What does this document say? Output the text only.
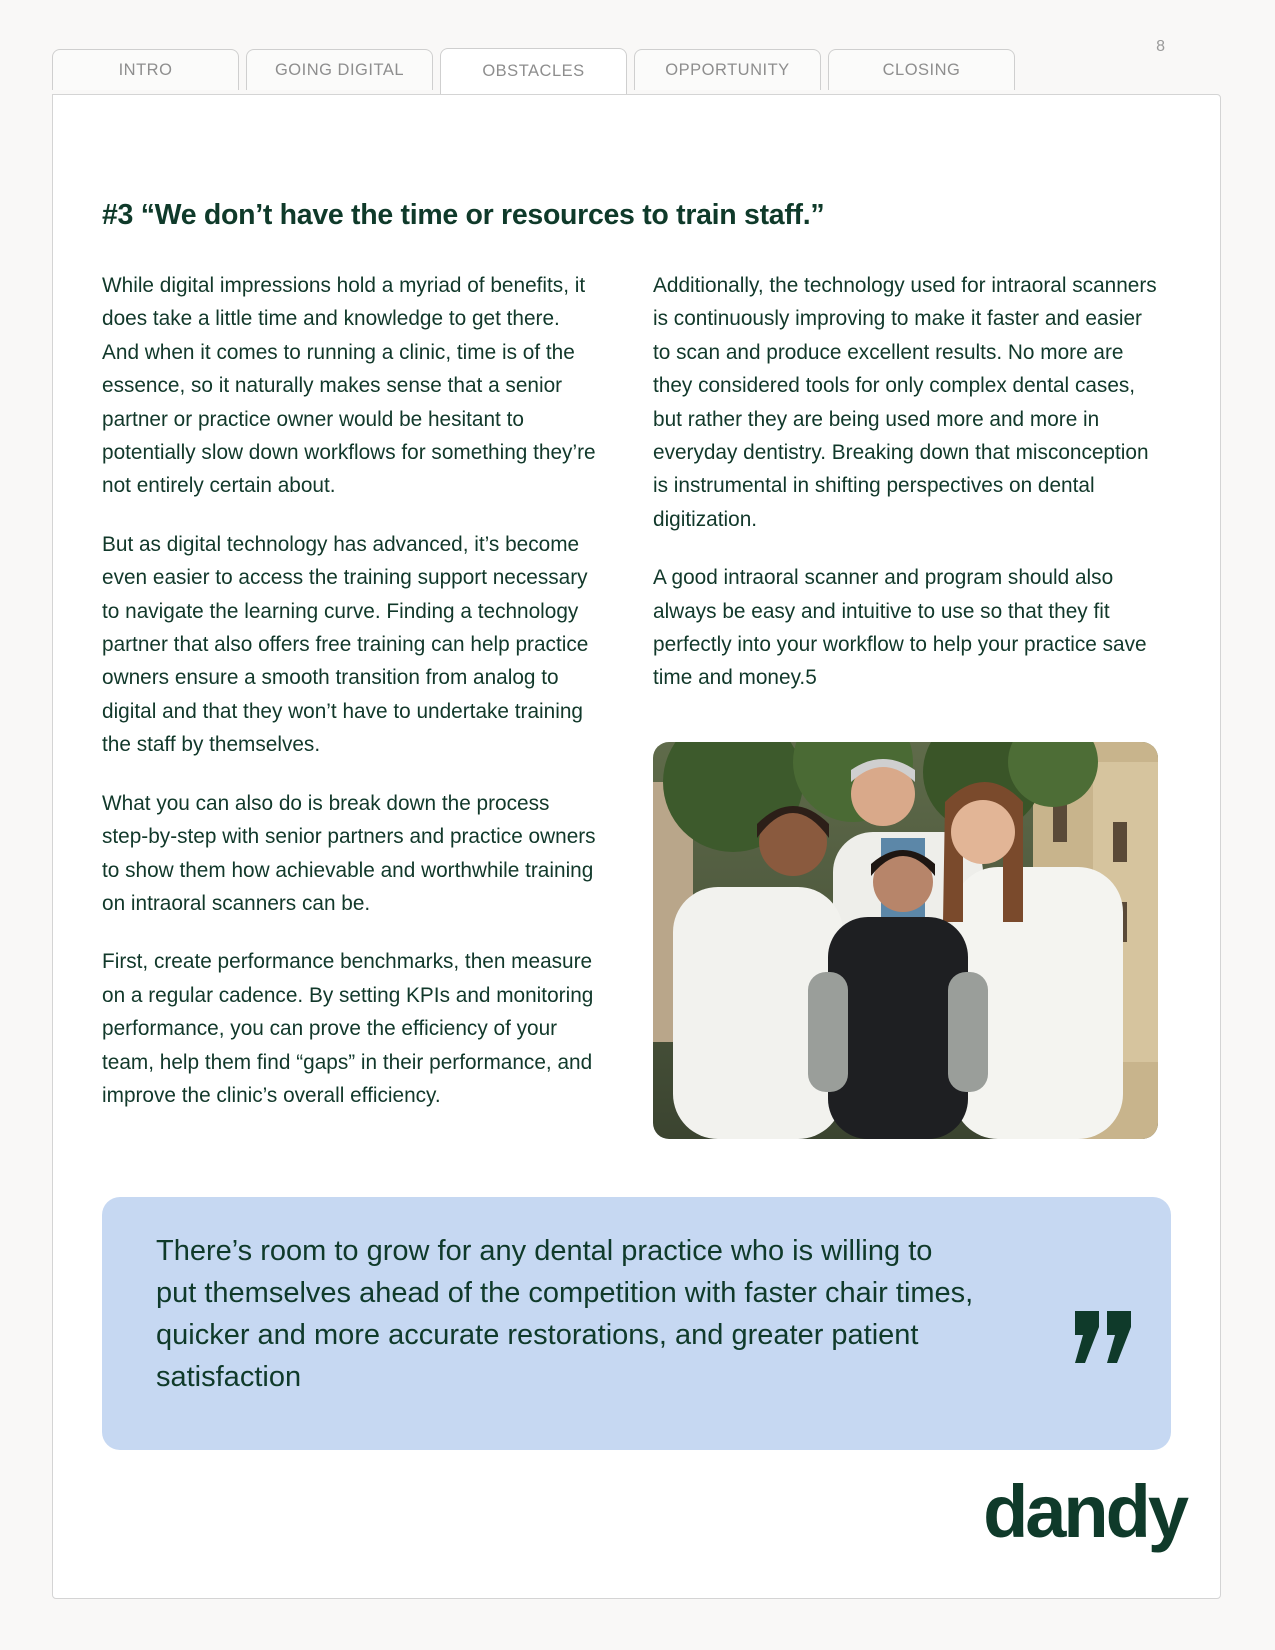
8
INTRO	GOING DIGITAL	OBSTACLES	OPPORTUNITY	CLOSING
#3 “We don’t have the time or resources to train staff.”

While digital impressions hold a myriad of benefits, it does take a little time and knowledge to get there. And when it comes to running a clinic, time is of the essence, so it naturally makes sense that a senior partner or practice owner would be hesitant to potentially slow down workflows for something they’re not entirely certain about.

But as digital technology has advanced, it’s become even easier to access the training support necessary to navigate the learning curve. Finding a technology partner that also offers free training can help practice owners ensure a smooth transition from analog to digital and that they won’t have to undertake training the staff by themselves.

What you can also do is break down the process step-by-step with senior partners and practice owners to show them how achievable and worthwhile training on intraoral scanners can be.

First, create performance benchmarks, then measure on a regular cadence. By setting KPIs and monitoring performance, you can prove the efficiency of your team, help them find “gaps” in their performance, and improve the clinic’s overall efficiency.

Additionally, the technology used for intraoral scanners is continuously improving to make it faster and easier to scan and produce excellent results. No more are they considered tools for only complex dental cases, but rather they are being used more and more in everyday dentistry. Breaking down that misconception is instrumental in shifting perspectives on dental digitization.

A good intraoral scanner and program should also always be easy and intuitive to use so that they fit perfectly into your workflow to help your practice save time and money.5

There’s room to grow for any dental practice who is willing to put themselves ahead of the competition with faster chair times, quicker and more accurate restorations, and greater patient satisfaction
dandy
